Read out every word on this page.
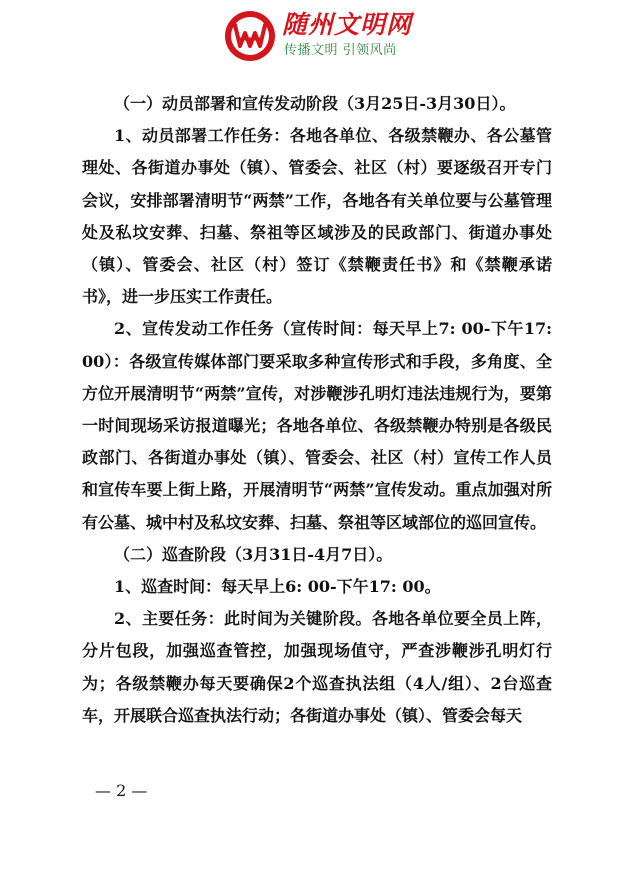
随州文明网
传播文明 引领风尚

（一）动员部署和宣传发动阶段（3月25日-3月30日）。

1、动员部署工作任务：各地各单位、各级禁鞭办、各公墓管理处、各街道办事处（镇）、管委会、社区（村）要逐级召开专门会议，安排部署清明节“两禁”工作，各地各有关单位要与公墓管理处及私坟安葬、扫墓、祭祖等区域涉及的民政部门、街道办事处（镇）、管委会、社区（村）签订《禁鞭责任书》和《禁鞭承诺书》，进一步压实工作责任。

2、宣传发动工作任务（宣传时间：每天早上7: 00-下午17: 00）：各级宣传媒体部门要采取多种宣传形式和手段，多角度、全方位开展清明节“两禁”宣传，对涉鞭涉孔明灯违法违规行为，要第一时间现场采访报道曝光；各地各单位、各级禁鞭办特别是各级民政部门、各街道办事处（镇）、管委会、社区（村）宣传工作人员和宣传车要上街上路，开展清明节“两禁”宣传发动。重点加强对所有公墓、城中村及私坟安葬、扫墓、祭祖等区域部位的巡回宣传。

（二）巡查阶段（3月31日-4月7日）。

1、巡查时间：每天早上6: 00-下午17: 00。

2、主要任务：此时间为关键阶段。各地各单位要全员上阵，分片包段，加强巡查管控，加强现场值守，严查涉鞭涉孔明灯行为；各级禁鞭办每天要确保2个巡查执法组（4人/组）、2台巡查车，开展联合巡查执法行动；各街道办事处（镇）、管委会每天

— 2 —
